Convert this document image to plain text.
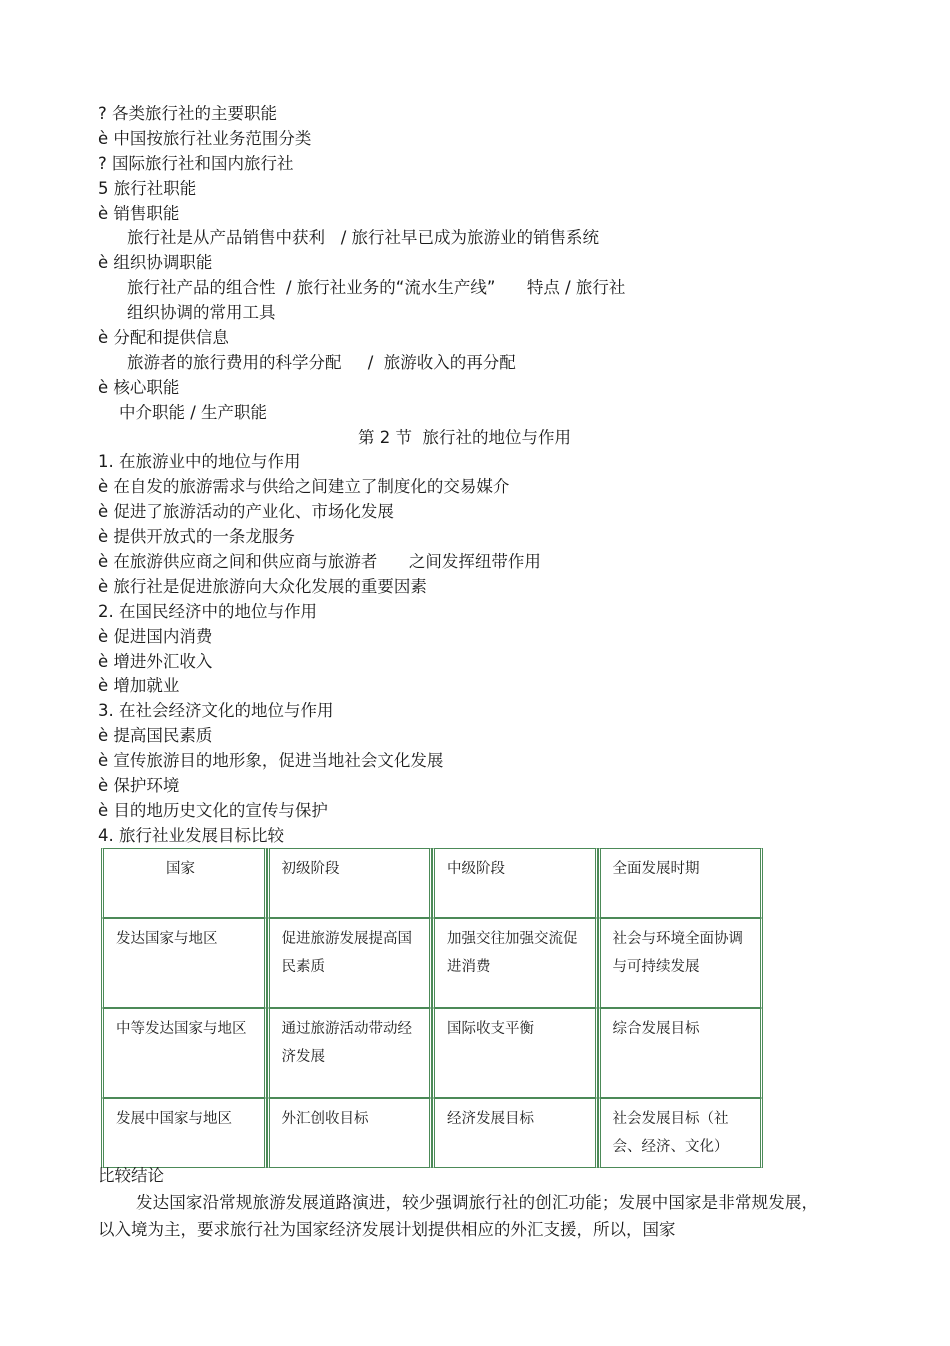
? 各类旅行社的主要职能
è 中国按旅行社业务范围分类
? 国际旅行社和国内旅行社
5 旅行社职能
è 销售职能
旅行社是从产品销售中获利   / 旅行社早已成为旅游业的销售系统
è 组织协调职能
旅行社产品的组合性  / 旅行社业务的“流水生产线”      特点 / 旅行社
组织协调的常用工具
è 分配和提供信息
旅游者的旅行费用的科学分配     /  旅游收入的再分配
è 核心职能
中介职能 / 生产职能
第 2 节  旅行社的地位与作用
1. 在旅游业中的地位与作用
è 在自发的旅游需求与供给之间建立了制度化的交易媒介
è 促进了旅游活动的产业化、市场化发展
è 提供开放式的一条龙服务
è 在旅游供应商之间和供应商与旅游者      之间发挥纽带作用
è 旅行社是促进旅游向大众化发展的重要因素
2. 在国民经济中的地位与作用
è 促进国内消费
è 增进外汇收入
è 增加就业
3. 在社会经济文化的地位与作用
è 提高国民素质
è 宣传旅游目的地形象，促进当地社会文化发展
è 保护环境
è 目的地历史文化的宣传与保护
4. 旅行社业发展目标比较
国家	初级阶段	中级阶段	全面发展时期
发达国家与地区	促进旅游发展提高国民素质	加强交往加强交流促进消费	社会与环境全面协调与可持续发展
中等发达国家与地区	通过旅游活动带动经济发展	国际收支平衡	综合发展目标
发展中国家与地区	外汇创收目标	经济发展目标	社会发展目标（社会、经济、文化）
比较结论

发达国家沿常规旅游发展道路演进，较少强调旅行社的创汇功能；发展中国家是非常规发展，以入境为主，要求旅行社为国家经济发展计划提供相应的外汇支援，所以，国家
